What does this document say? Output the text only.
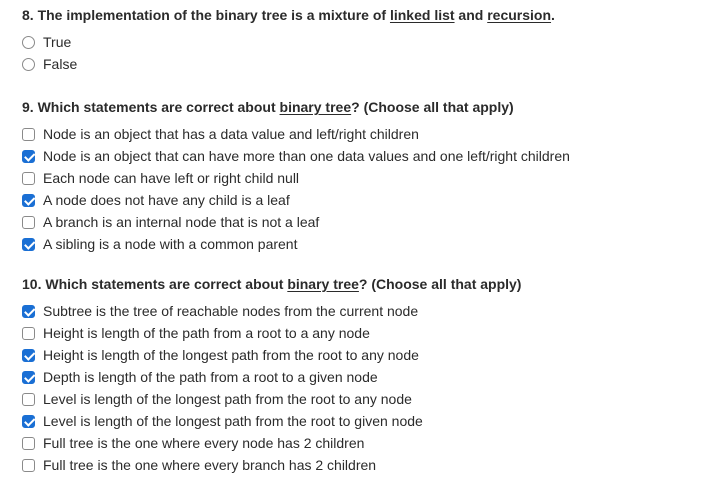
8. The implementation of the binary tree is a mixture of linked list and recursion.
True
False
9. Which statements are correct about binary tree? (Choose all that apply)
Node is an object that has a data value and left/right children
Node is an object that can have more than one data values and one left/right children
Each node can have left or right child null
A node does not have any child is a leaf
A branch is an internal node that is not a leaf
A sibling is a node with a common parent
10. Which statements are correct about binary tree? (Choose all that apply)
Subtree is the tree of reachable nodes from the current node
Height is length of the path from a root to a any node
Height is length of the longest path from the root to any node
Depth is length of the path from a root to a given node
Level is length of the longest path from the root to any node
Level is length of the longest path from the root to given node
Full tree is the one where every node has 2 children
Full tree is the one where every branch has 2 children
